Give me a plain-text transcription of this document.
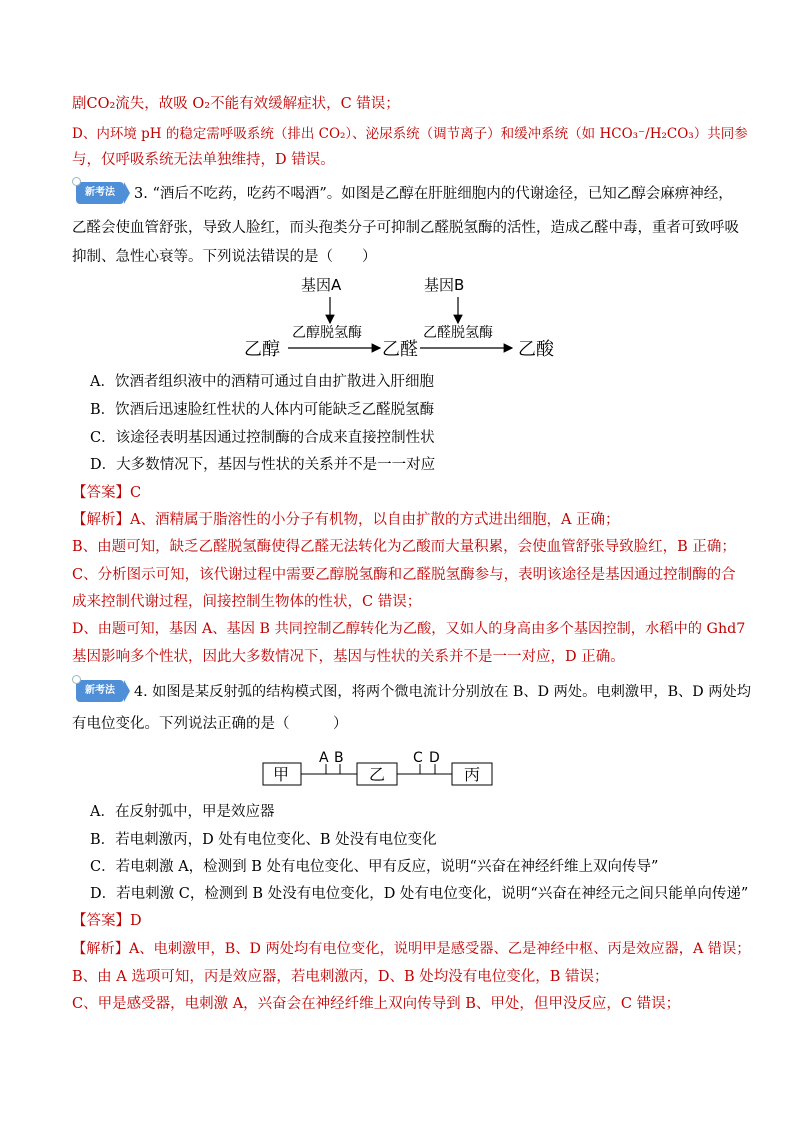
剧CO₂流失，故吸 O₂不能有效缓解症状，C 错误；
D、内环境 pH 的稳定需呼吸系统（排出 CO₂）、泌尿系统（调节离子）和缓冲系统（如 HCO₃⁻/H₂CO₃）共同参
与，仅呼吸系统无法单独维持，D 错误。
新考法	3. “酒后不吃药，吃药不喝酒”。如图是乙醇在肝脏细胞内的代谢途径，已知乙醇会麻痹神经，
乙醛会使血管舒张，导致人脸红，而头孢类分子可抑制乙醛脱氢酶的活性，造成乙醛中毒，重者可致呼吸
抑制、急性心衰等。下列说法错误的是（　　）
基因A	基因B
乙醇脱氢酶	乙醛脱氢酶
乙醇	乙醛	乙酸
A．饮酒者组织液中的酒精可通过自由扩散进入肝细胞
B．饮酒后迅速脸红性状的人体内可能缺乏乙醛脱氢酶
C．该途径表明基因通过控制酶的合成来直接控制性状
D．大多数情况下，基因与性状的关系并不是一一对应
【答案】C
【解析】A、酒精属于脂溶性的小分子有机物，以自由扩散的方式进出细胞，A 正确；
B、由题可知，缺乏乙醛脱氢酶使得乙醛无法转化为乙酸而大量积累，会使血管舒张导致脸红，B 正确；
C、分析图示可知，该代谢过程中需要乙醇脱氢酶和乙醛脱氢酶参与，表明该途径是基因通过控制酶的合
成来控制代谢过程，间接控制生物体的性状，C 错误；
D、由题可知，基因 A、基因 B 共同控制乙醇转化为乙酸，又如人的身高由多个基因控制，水稻中的 Ghd7
基因影响多个性状，因此大多数情况下，基因与性状的关系并不是一一对应，D 正确。
新考法	4. 如图是某反射弧的结构模式图，将两个微电流计分别放在 B、D 两处。电刺激甲，B、D 两处均
有电位变化。下列说法正确的是（　　　）
甲
A B
乙
C D
丙
A．在反射弧中，甲是效应器
B．若电刺激丙，D 处有电位变化、B 处没有电位变化
C．若电刺激 A，检测到 B 处有电位变化、甲有反应，说明“兴奋在神经纤维上双向传导”
D．若电刺激 C，检测到 B 处没有电位变化，D 处有电位变化，说明“兴奋在神经元之间只能单向传递”
【答案】D
【解析】A、电刺激甲，B、D 两处均有电位变化，说明甲是感受器、乙是神经中枢、丙是效应器，A 错误；
B、由 A 选项可知，丙是效应器，若电刺激丙，D、B 处均没有电位变化，B 错误；
C、甲是感受器，电刺激 A，兴奋会在神经纤维上双向传导到 B、甲处，但甲没反应，C 错误；
